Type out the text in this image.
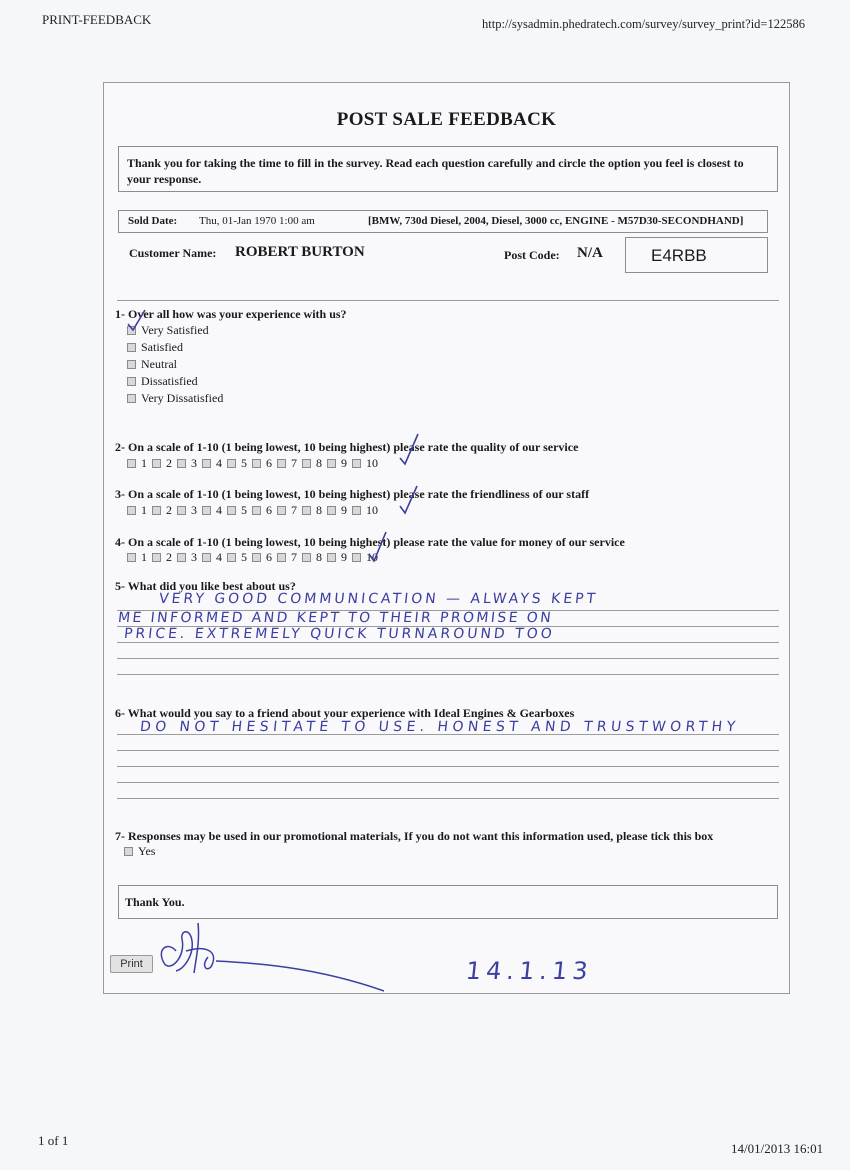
PRINT-FEEDBACK	http://sysadmin.phedratech.com/survey/survey_print?id=122586
1 of 1
14/01/2013 16:01
POST SALE FEEDBACK
Thank you for taking the time to fill in the survey. Read each question carefully and circle the option you feel is closest to your response.
Sold Date: Thu, 01-Jan 1970 1:00 am	[BMW, 730d Diesel, 2004, Diesel, 3000 cc, ENGINE - M57D30-SECONDHAND]
Customer Name: ROBERT BURTON	Post Code: N/A	E4RBB
1- Over all how was your experience with us?
Very Satisfied
Satisfied
Neutral
Dissatisfied
Very Dissatisfied
2- On a scale of 1-10 (1 being lowest, 10 being highest) please rate the quality of our service
1 2 3 4 5 6 7 8 9 10
3- On a scale of 1-10 (1 being lowest, 10 being highest) please rate the friendliness of our staff
1 2 3 4 5 6 7 8 9 10
4- On a scale of 1-10 (1 being lowest, 10 being highest) please rate the value for money of our service
1 2 3 4 5 6 7 8 9 10
5- What did you like best about us?
VERY GOOD COMMUNICATION — ALWAYS KEPT
ME INFORMED AND KEPT TO THEIR PROMISE ON
PRICE. EXTREMELY QUICK TURNAROUND TOO
6- What would you say to a friend about your experience with Ideal Engines & Gearboxes
DO NOT HESITATE TO USE. HONEST AND TRUSTWORTHY
7- Responses may be used in our promotional materials, If you do not want this information used, please tick this box
Yes
Thank You.
Print	14.1.13
